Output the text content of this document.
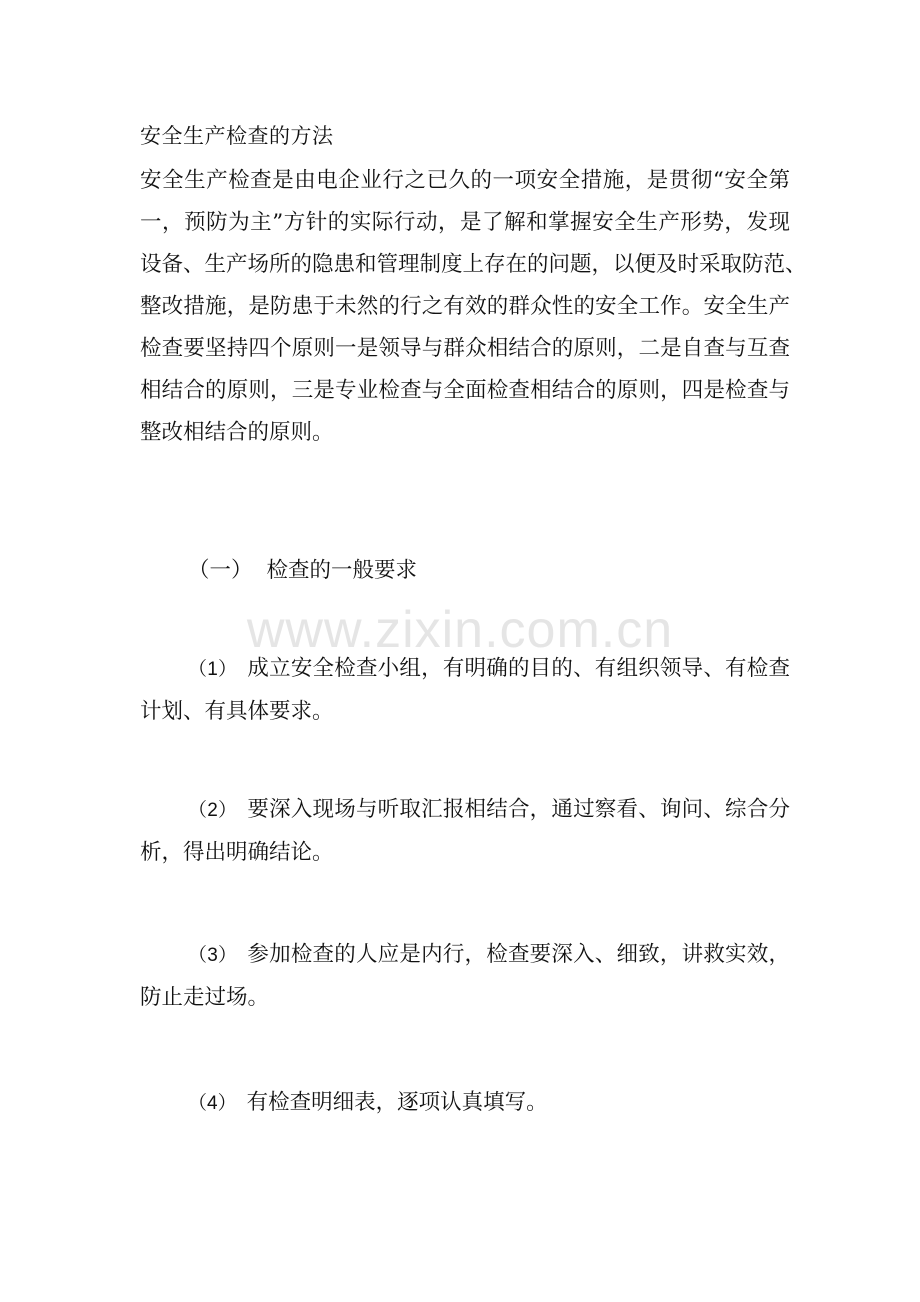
安全生产检查的方法
安全生产检查是由电企业行之已久的一项安全措施，是贯彻“安全第
一，预防为主”方针的实际行动，是了解和掌握安全生产形势，发现
设备、生产场所的隐患和管理制度上存在的问题，以便及时采取防范、
整改措施，是防患于未然的行之有效的群众性的安全工作。安全生产
检查要坚持四个原则一是领导与群众相结合的原则，二是自查与互查
相结合的原则，三是专业检查与全面检查相结合的原则，四是检查与
整改相结合的原则。
（一） 检查的一般要求
www.zixin.com.cn
（1） 成立安全检查小组，有明确的目的、有组织领导、有检查
计划、有具体要求。
（2） 要深入现场与听取汇报相结合，通过察看、询问、综合分
析，得出明确结论。
（3） 参加检查的人应是内行，检查要深入、细致，讲救实效，
防止走过场。
（4） 有检查明细表，逐项认真填写。
